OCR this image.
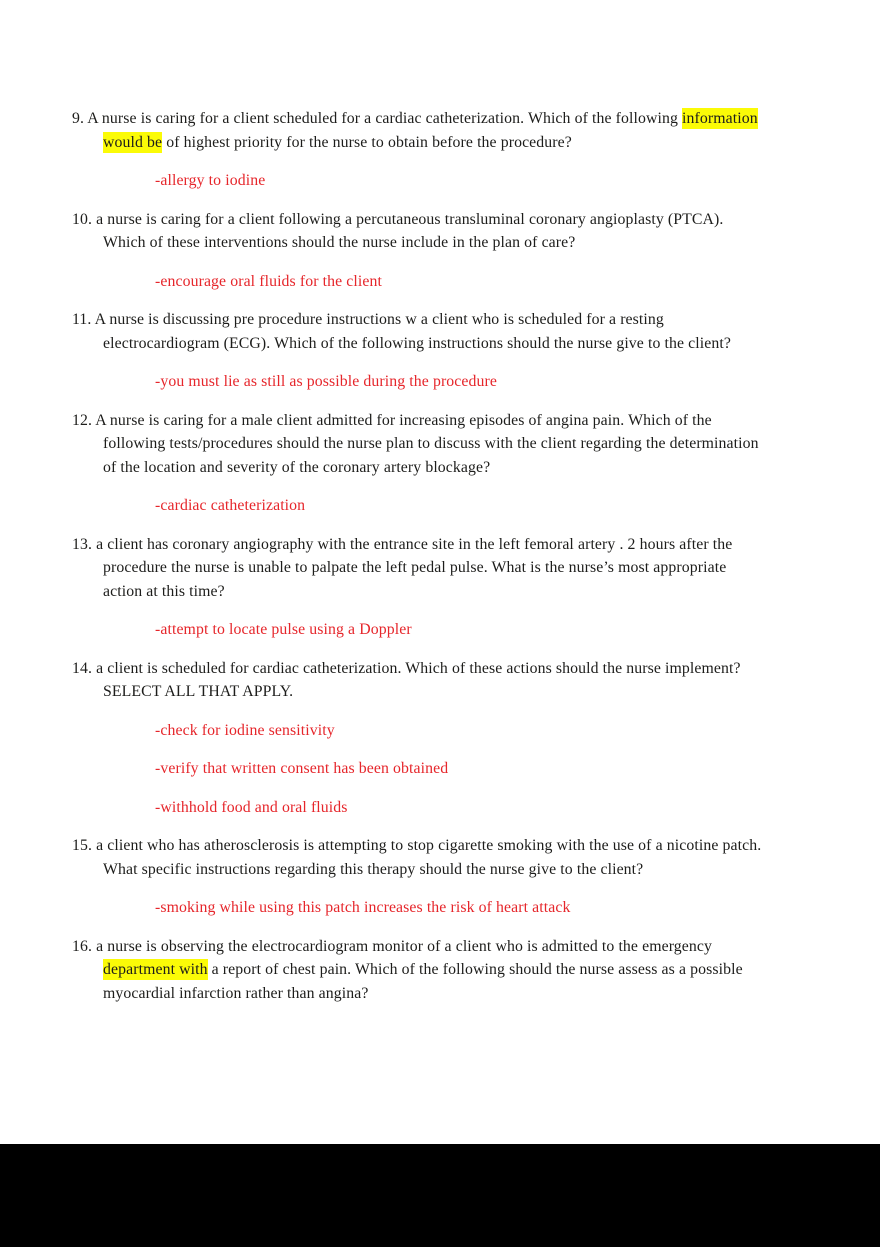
9. A nurse is caring for a client scheduled for a cardiac catheterization. Which of the following information would be of highest priority for the nurse to obtain before the procedure?

-allergy to iodine

10. a nurse is caring for a client following a percutaneous transluminal coronary angioplasty (PTCA). Which of these interventions should the nurse include in the plan of care?

-encourage oral fluids for the client

11. A nurse is discussing pre procedure instructions w a client who is scheduled for a resting electrocardiogram (ECG). Which of the following instructions should the nurse give to the client?

-you must lie as still as possible during the procedure

12. A nurse is caring for a male client admitted for increasing episodes of angina pain. Which of the following tests/procedures should the nurse plan to discuss with the client regarding the determination of the location and severity of the coronary artery blockage?

-cardiac catheterization

13. a client has coronary angiography with the entrance site in the left femoral artery . 2 hours after the procedure the nurse is unable to palpate the left pedal pulse. What is the nurse’s most appropriate action at this time?

-attempt to locate pulse using a Doppler

14. a client is scheduled for cardiac catheterization. Which of these actions should the nurse implement? SELECT ALL THAT APPLY.

-check for iodine sensitivity

-verify that written consent has been obtained

-withhold food and oral fluids

15. a client who has atherosclerosis is attempting to stop cigarette smoking with the use of a nicotine patch. What specific instructions regarding this therapy should the nurse give to the client?

-smoking while using this patch increases the risk of heart attack

16. a nurse is observing the electrocardiogram monitor of a client who is admitted to the emergency department with a report of chest pain. Which of the following should the nurse assess as a possible myocardial infarction rather than angina?
